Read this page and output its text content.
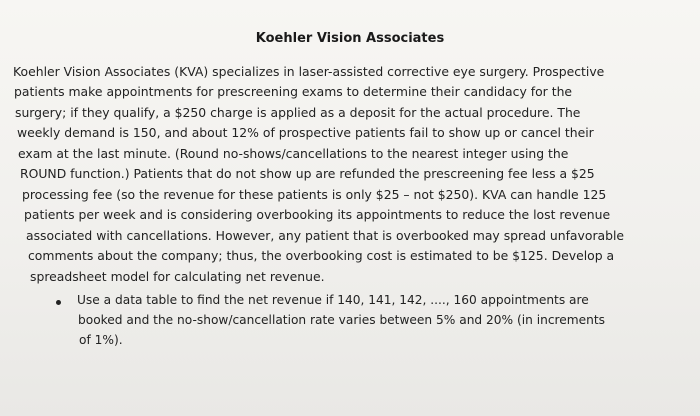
Koehler Vision Associates
Koehler Vision Associates (KVA) specializes in laser-assisted corrective eye surgery. Prospective
patients make appointments for prescreening exams to determine their candidacy for the
surgery; if they qualify, a $250 charge is applied as a deposit for the actual procedure. The
weekly demand is 150, and about 12% of prospective patients fail to show up or cancel their
exam at the last minute. (Round no-shows/cancellations to the nearest integer using the
ROUND function.) Patients that do not show up are refunded the prescreening fee less a $25
processing fee (so the revenue for these patients is only $25 – not $250). KVA can handle 125
patients per week and is considering overbooking its appointments to reduce the lost revenue
associated with cancellations. However, any patient that is overbooked may spread unfavorable
comments about the company; thus, the overbooking cost is estimated to be $125. Develop a
spreadsheet model for calculating net revenue.
Use a data table to find the net revenue if 140, 141, 142, ...., 160 appointments are
booked and the no-show/cancellation rate varies between 5% and 20% (in increments
of 1%).
